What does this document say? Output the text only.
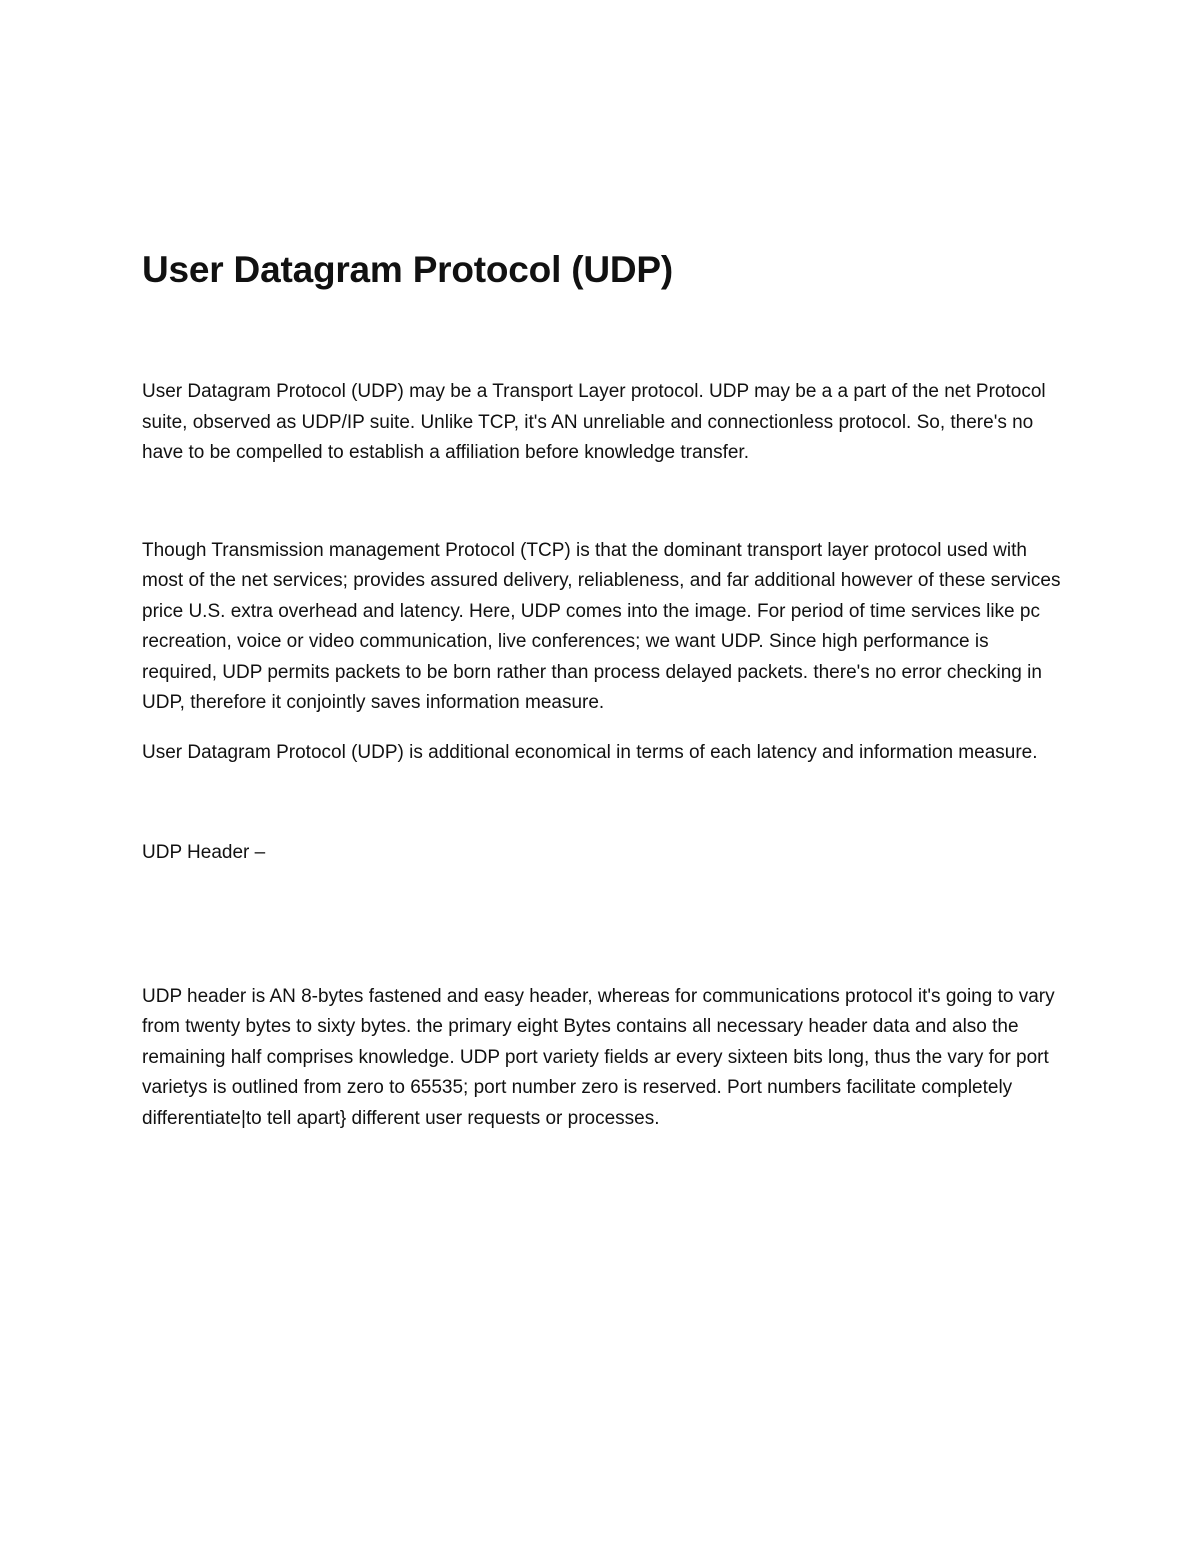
User Datagram Protocol (UDP)

User Datagram Protocol (UDP) may be a Transport Layer protocol. UDP may be a a part of the net Protocol suite, observed as UDP/IP suite. Unlike TCP, it's AN unreliable and connectionless protocol. So, there's no have to be compelled to establish a affiliation before knowledge transfer.

Though Transmission management Protocol (TCP) is that the dominant transport layer protocol used with most of the net services; provides assured delivery, reliableness, and far additional however of these services price U.S. extra overhead and latency. Here, UDP comes into the image. For period of time services like pc recreation, voice or video communication, live conferences; we want UDP. Since high performance is required, UDP permits packets to be born rather than process delayed packets. there's no error checking in UDP, therefore it conjointly saves information measure.

User Datagram Protocol (UDP) is additional economical in terms of each latency and information measure.

UDP Header –

UDP header is AN 8-bytes fastened and easy header, whereas for communications protocol it's going to vary from twenty bytes to sixty bytes. the primary eight Bytes contains all necessary header data and also the remaining half comprises knowledge. UDP port variety fields ar every sixteen bits long, thus the vary for port varietys is outlined from zero to 65535; port number zero is reserved. Port numbers facilitate completely differentiate|to tell apart} different user requests or processes.
